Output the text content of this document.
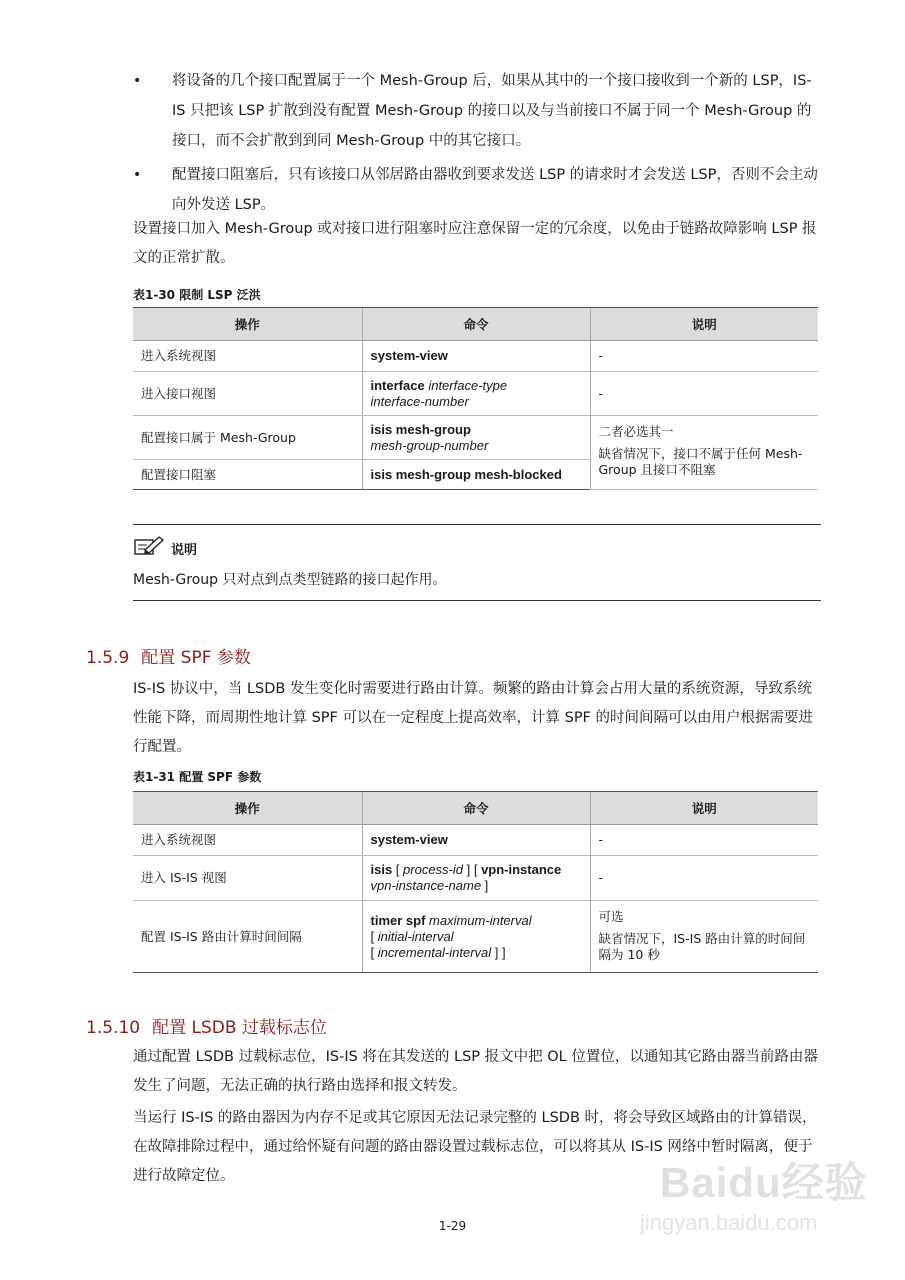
• 将设备的几个接口配置属于一个 Mesh-Group 后，如果从其中的一个接口接收到一个新的 LSP，IS-IS 只把该 LSP 扩散到没有配置 Mesh-Group 的接口以及与当前接口不属于同一个 Mesh-Group 的接口，而不会扩散到到同 Mesh-Group 中的其它接口。
• 配置接口阻塞后，只有该接口从邻居路由器收到要求发送 LSP 的请求时才会发送 LSP，否则不会主动向外发送 LSP。

设置接口加入 Mesh-Group 或对接口进行阻塞时应注意保留一定的冗余度，以免由于链路故障影响 LSP 报文的正常扩散。

表1-30 限制 LSP 泛洪
操作	命令	说明
进入系统视图	system-view	-
进入接口视图	interface interface-type
interface-number	-
配置接口属于 Mesh-Group	isis mesh-group
mesh-group-number	二者必选其一
缺省情况下，接口不属于任何 Mesh-Group 且接口不阻塞

配置接口阻塞	isis mesh-group mesh-blocked	
说明
Mesh-Group 只对点到点类型链路的接口起作用。
1.5.9 配置 SPF 参数

IS-IS 协议中，当 LSDB 发生变化时需要进行路由计算。频繁的路由计算会占用大量的系统资源，导致系统性能下降，而周期性地计算 SPF 可以在一定程度上提高效率，计算 SPF 的时间间隔可以由用户根据需要进行配置。

表1-31 配置 SPF 参数
操作	命令	说明
进入系统视图	system-view	-
进入 IS-IS 视图	isis [ process-id ] [ vpn-instance
vpn-instance-name ]	-
配置 IS-IS 路由计算时间间隔	timer spf maximum-interval
[ initial-interval
[ incremental-interval ] ]	可选
缺省情况下，IS-IS 路由计算的时间间隔为 10 秒
1.5.10 配置 LSDB 过载标志位

通过配置 LSDB 过载标志位，IS-IS 将在其发送的 LSP 报文中把 OL 位置位，以通知其它路由器当前路由器发生了问题，无法正确的执行路由选择和报文转发。

当运行 IS-IS 的路由器因为内存不足或其它原因无法记录完整的 LSDB 时，将会导致区域路由的计算错误，在故障排除过程中，通过给怀疑有问题的路由器设置过载标志位，可以将其从 IS-IS 网络中暂时隔离，便于进行故障定位。

1-29
Baidu经验
jingyan.baidu.com
